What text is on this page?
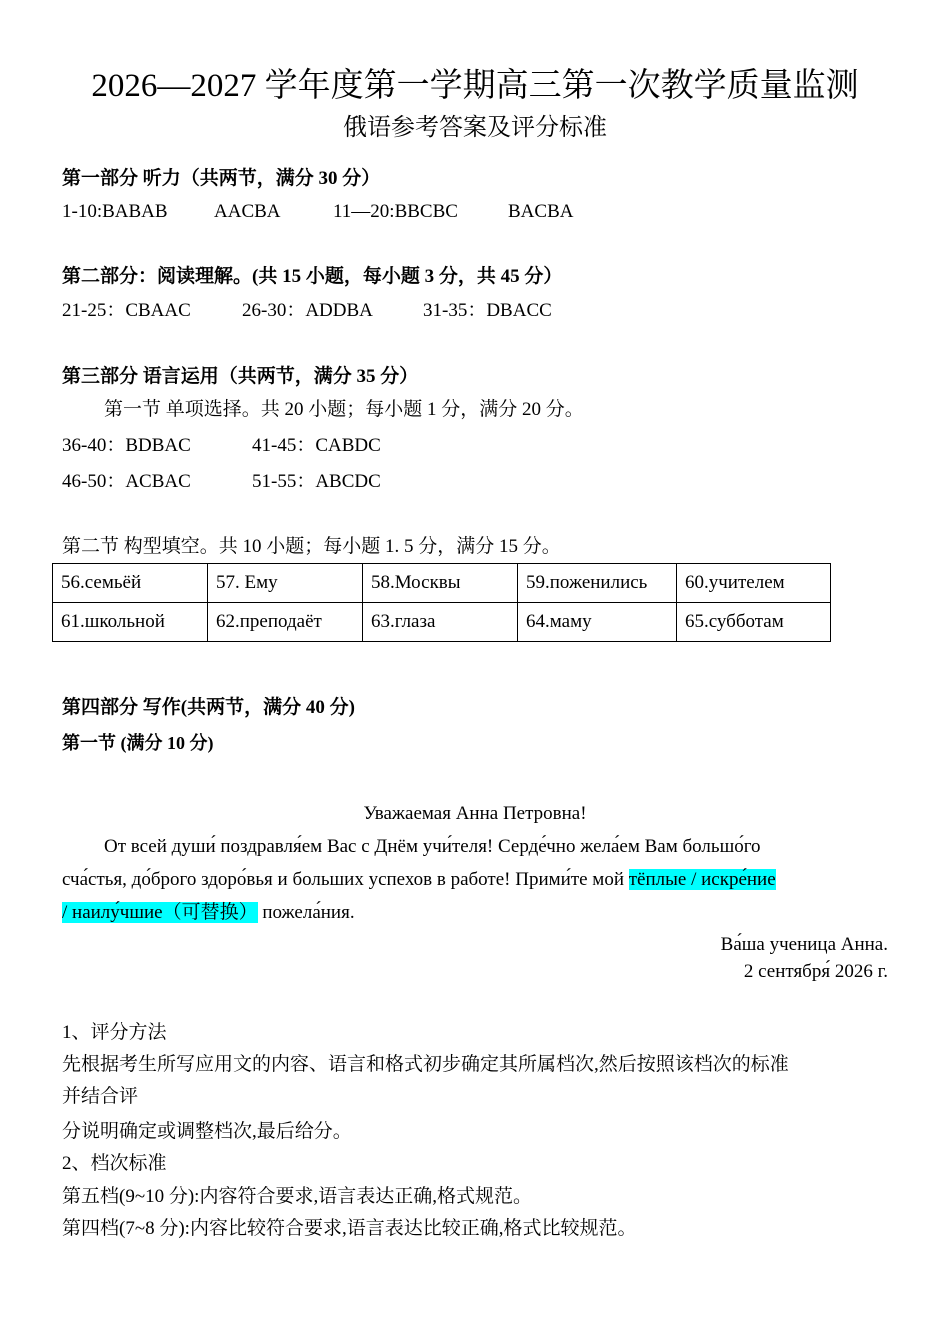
2026—2027 学年度第一学期高三第一次教学质量监测
俄语参考答案及评分标准
第一部分 听力（共两节，满分 30 分）
1-10:BABAB AACBA	11—20:BBCBC	BACBA
第二部分：阅读理解。(共 15 小题，每小题 3 分，共 45 分）
21-25：CBAAC	26-30：ADDBA	31-35：DBACC
第三部分 语言运用（共两节，满分 35 分）
第一节 单项选择。共 20 小题；每小题 1 分，满分 20 分。
36-40：BDBAC	41-45：CABDC
46-50：ACBAC	51-55：ABCDC
第二节 构型填空。共 10 小题；每小题 1. 5 分，满分 15 分。
56.семьёй	57. Ему	58.Москвы	59.поженились	60.учителем
61.школьной	62.преподаёт	63.глаза	64.маму	65.субботам
第四部分 写作(共两节，满分 40 分)
第一节 (满分 10 分)
Уважаемая Анна Петровна!
От всей души́ поздравля́ем Вас с Днём учи́теля! Серде́чно жела́ем Вам большо́го
сча́стья, до́брого здоро́вья и больших успехов в работе! Прими́те мой тёплые / искре́ние
/ наилу́чшие（可替换） пожела́ния.
Ва́ша ученица Анна.
2 сентября́ 2026 г.
1、评分方法
先根据考生所写应用文的内容、语言和格式初步确定其所属档次,然后按照该档次的标准
并结合评
分说明确定或调整档次,最后给分。
2、档次标准
第五档(9~10 分):内容符合要求,语言表达正确,格式规范。
第四档(7~8 分):内容比较符合要求,语言表达比较正确,格式比较规范。
